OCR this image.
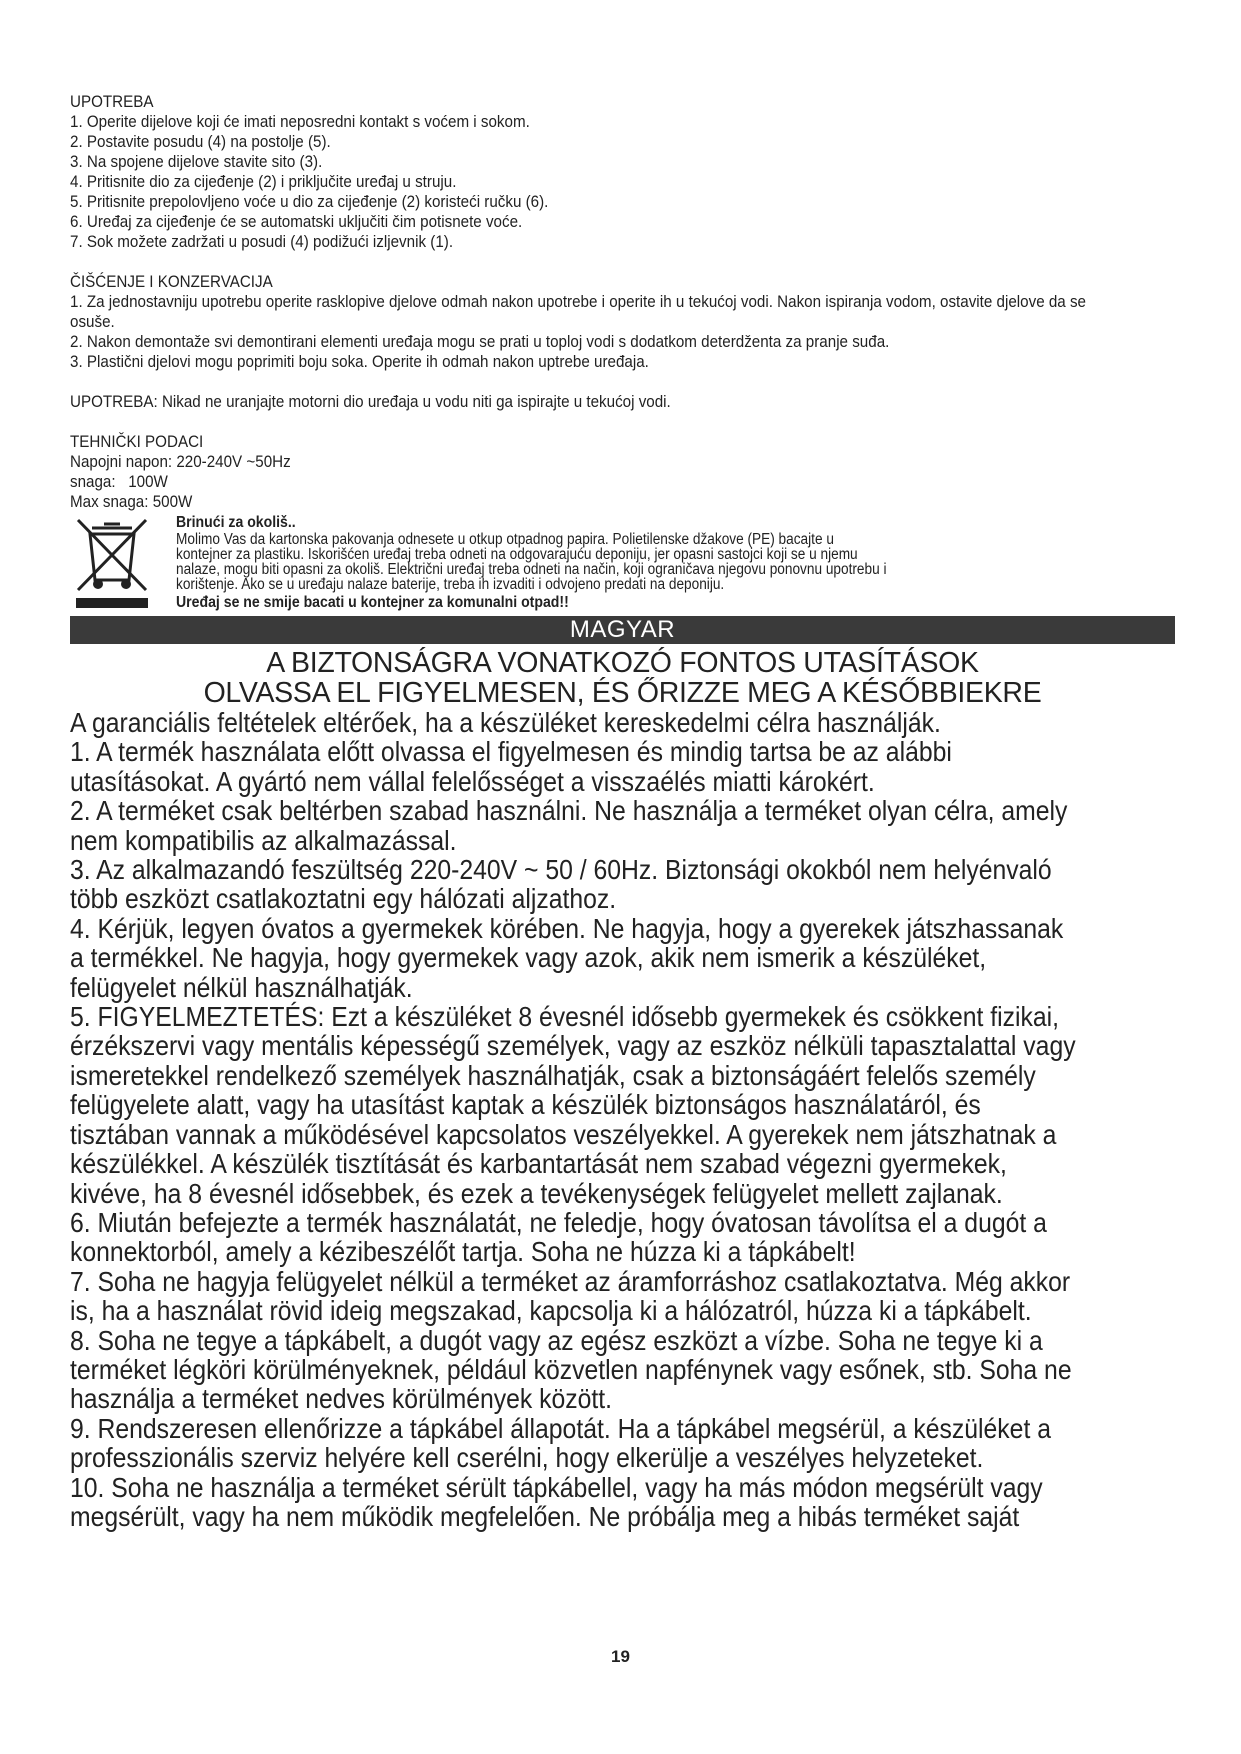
UPOTREBA

1. Operite dijelove koji će imati neposredni kontakt s voćem i sokom.

2. Postavite posudu (4) na postolje (5).

3. Na spojene dijelove stavite sito (3).

4. Pritisnite dio za cijeđenje (2) i priključite uređaj u struju.

5. Pritisnite prepolovljeno voće u dio za cijeđenje (2) koristeći ručku (6).

6. Uređaj za cijeđenje će se automatski uključiti čim potisnete voće.

7. Sok možete zadržati u posudi (4) podižući izljevnik (1).

ČIŠĆENJE I KONZERVACIJA

1. Za jednostavniju upotrebu operite rasklopive djelove odmah nakon upotrebe i operite ih u tekućoj vodi. Nakon ispiranja vodom, ostavite djelove da se osuše.

2. Nakon demontaže svi demontirani elementi uređaja mogu se prati u toploj vodi s dodatkom deterdženta za pranje suđa.

3. Plastični djelovi mogu poprimiti boju soka. Operite ih odmah nakon uptrebe uređaja.

UPOTREBA: Nikad ne uranjajte motorni dio uređaja u vodu niti ga ispirajte u tekućoj vodi.

TEHNIČKI PODACI

Napojni napon: 220-240V ~50Hz

snaga:   100W

Max snaga: 500W

Brinući za okoliš..

Molimo Vas da kartonska pakovanja odnesete u otkup otpadnog papira. Polietilenske džakove (PE) bacajte u

kontejner za plastiku. Iskorišćen uređaj treba odneti na odgovarajuću deponiju, jer opasni sastojci koji se u njemu

nalaze, mogu biti opasni za okoliš. Električni uređaj treba odneti na način, koji ograničava njegovu ponovnu upotrebu i

korištenje. Ako se u uređaju nalaze baterije, treba ih izvaditi i odvojeno predati na deponiju.

Uređaj se ne smije bacati u kontejner za komunalni otpad!!

MAGYAR
A BIZTONSÁGRA VONATKOZÓ FONTOS UTASÍTÁSOK
OLVASSA EL FIGYELMESEN, ÉS ŐRIZZE MEG A KÉSŐBBIEKRE

A garanciális feltételek eltérőek, ha a készüléket kereskedelmi célra használják.

1. A termék használata előtt olvassa el figyelmesen és mindig tartsa be az alábbi

utasításokat. A gyártó nem vállal felelősséget a visszaélés miatti károkért.

2. A terméket csak beltérben szabad használni. Ne használja a terméket olyan célra, amely

nem kompatibilis az alkalmazással.

3. Az alkalmazandó feszültség 220-240V ~ 50 / 60Hz. Biztonsági okokból nem helyénvaló

több eszközt csatlakoztatni egy hálózati aljzathoz.

4. Kérjük, legyen óvatos a gyermekek körében. Ne hagyja, hogy a gyerekek játszhassanak

a termékkel. Ne hagyja, hogy gyermekek vagy azok, akik nem ismerik a készüléket,

felügyelet nélkül használhatják.

5. FIGYELMEZTETÉS: Ezt a készüléket 8 évesnél idősebb gyermekek és csökkent fizikai,

érzékszervi vagy mentális képességű személyek, vagy az eszköz nélküli tapasztalattal vagy

ismeretekkel rendelkező személyek használhatják, csak a biztonságáért felelős személy

felügyelete alatt, vagy ha utasítást kaptak a készülék biztonságos használatáról, és

tisztában vannak a működésével kapcsolatos veszélyekkel. A gyerekek nem játszhatnak a

készülékkel. A készülék tisztítását és karbantartását nem szabad végezni gyermekek,

kivéve, ha 8 évesnél idősebbek, és ezek a tevékenységek felügyelet mellett zajlanak.

6. Miután befejezte a termék használatát, ne feledje, hogy óvatosan távolítsa el a dugót a

konnektorból, amely a kézibeszélőt tartja. Soha ne húzza ki a tápkábelt!

7. Soha ne hagyja felügyelet nélkül a terméket az áramforráshoz csatlakoztatva. Még akkor

is, ha a használat rövid ideig megszakad, kapcsolja ki a hálózatról, húzza ki a tápkábelt.

8. Soha ne tegye a tápkábelt, a dugót vagy az egész eszközt a vízbe. Soha ne tegye ki a

terméket légköri körülményeknek, például közvetlen napfénynek vagy esőnek, stb. Soha ne

használja a terméket nedves körülmények között.

9. Rendszeresen ellenőrizze a tápkábel állapotát. Ha a tápkábel megsérül, a készüléket a

professzionális szerviz helyére kell cserélni, hogy elkerülje a veszélyes helyzeteket.

10. Soha ne használja a terméket sérült tápkábellel, vagy ha más módon megsérült vagy

megsérült, vagy ha nem működik megfelelően. Ne próbálja meg a hibás terméket saját

19
